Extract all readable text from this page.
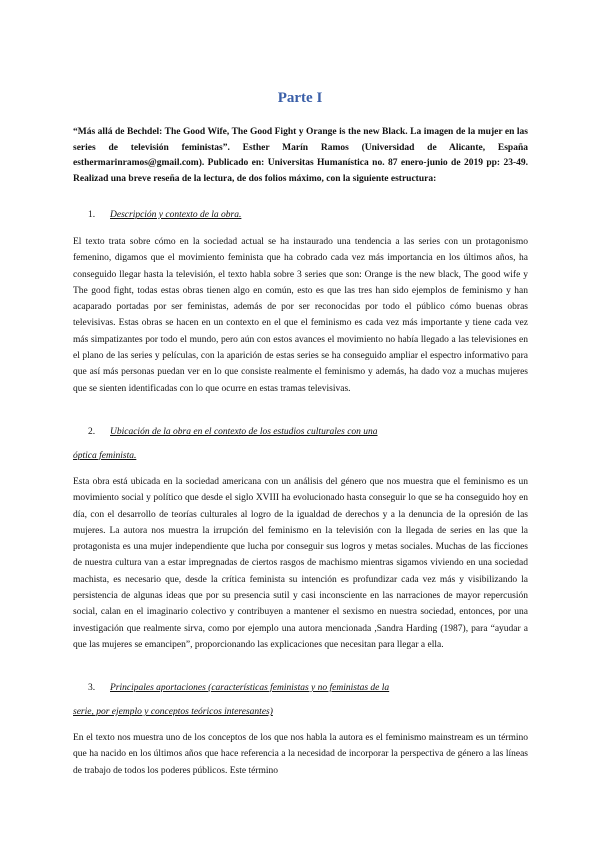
Parte I
“Más allá de Bechdel: The Good Wife, The Good Fight y Orange is the new Black. La imagen de la mujer en las series de televisión feministas”. Esther Marín Ramos (Universidad de Alicante, España esthermarinramos@gmail.com). Publicado en: Universitas Humanística no. 87 enero-junio de 2019 pp: 23-49. Realizad una breve reseña de la lectura, de dos folios máximo, con la siguiente estructura:
1. Descripción y contexto de la obra.
El texto trata sobre cómo en la sociedad actual se ha instaurado una tendencia a las series con un protagonismo femenino, digamos que el movimiento feminista que ha cobrado cada vez más importancia en los últimos años, ha conseguido llegar hasta la televisión, el texto habla sobre 3 series que son: Orange is the new black, The good wife y The good fight, todas estas obras tienen algo en común, esto es que las tres han sido ejemplos de feminismo y han acaparado portadas por ser feministas, además de por ser reconocidas por todo el público cómo buenas obras televisivas. Estas obras se hacen en un contexto en el que el feminismo es cada vez más importante y tiene cada vez más simpatizantes por todo el mundo, pero aún con estos avances el movimiento no había llegado a las televisiones en el plano de las series y películas, con la aparición de estas series se ha conseguido ampliar el espectro informativo para que así más personas puedan ver en lo que consiste realmente el feminismo y además, ha dado voz a muchas mujeres que se sienten identificadas con lo que ocurre en estas tramas televisivas.
2. Ubicación de la obra en el contexto de los estudios culturales con una
óptica feminista.
Esta obra está ubicada en la sociedad americana con un análisis del género que nos muestra que el feminismo es un movimiento social y político que desde el siglo XVIII ha evolucionado hasta conseguir lo que se ha conseguido hoy en día, con el desarrollo de teorías culturales al logro de la igualdad de derechos y a la denuncia de la opresión de las mujeres. La autora nos muestra la irrupción del feminismo en la televisión con la llegada de series en las que la protagonista es una mujer independiente que lucha por conseguir sus logros y metas sociales. Muchas de las ficciones de nuestra cultura van a estar impregnadas de ciertos rasgos de machismo mientras sigamos viviendo en una sociedad machista, es necesario que, desde la crítica feminista su intención es profundizar cada vez más y visibilizando la persistencia de algunas ideas que por su presencia sutil y casi inconsciente en las narraciones de mayor repercusión social, calan en el imaginario colectivo y contribuyen a mantener el sexismo en nuestra sociedad, entonces, por una investigación que realmente sirva, como por ejemplo una autora mencionada ,Sandra Harding (1987), para “ayudar a que las mujeres se emancipen”, proporcionando las explicaciones que necesitan para llegar a ella.
3. Principales aportaciones (características feministas y no feministas de la
serie, por ejemplo y conceptos teóricos interesantes)
En el texto nos muestra uno de los conceptos de los que nos habla la autora es el feminismo mainstream es un término que ha nacido en los últimos años que hace referencia a la necesidad de incorporar la perspectiva de género a las líneas de trabajo de todos los poderes públicos. Este término
